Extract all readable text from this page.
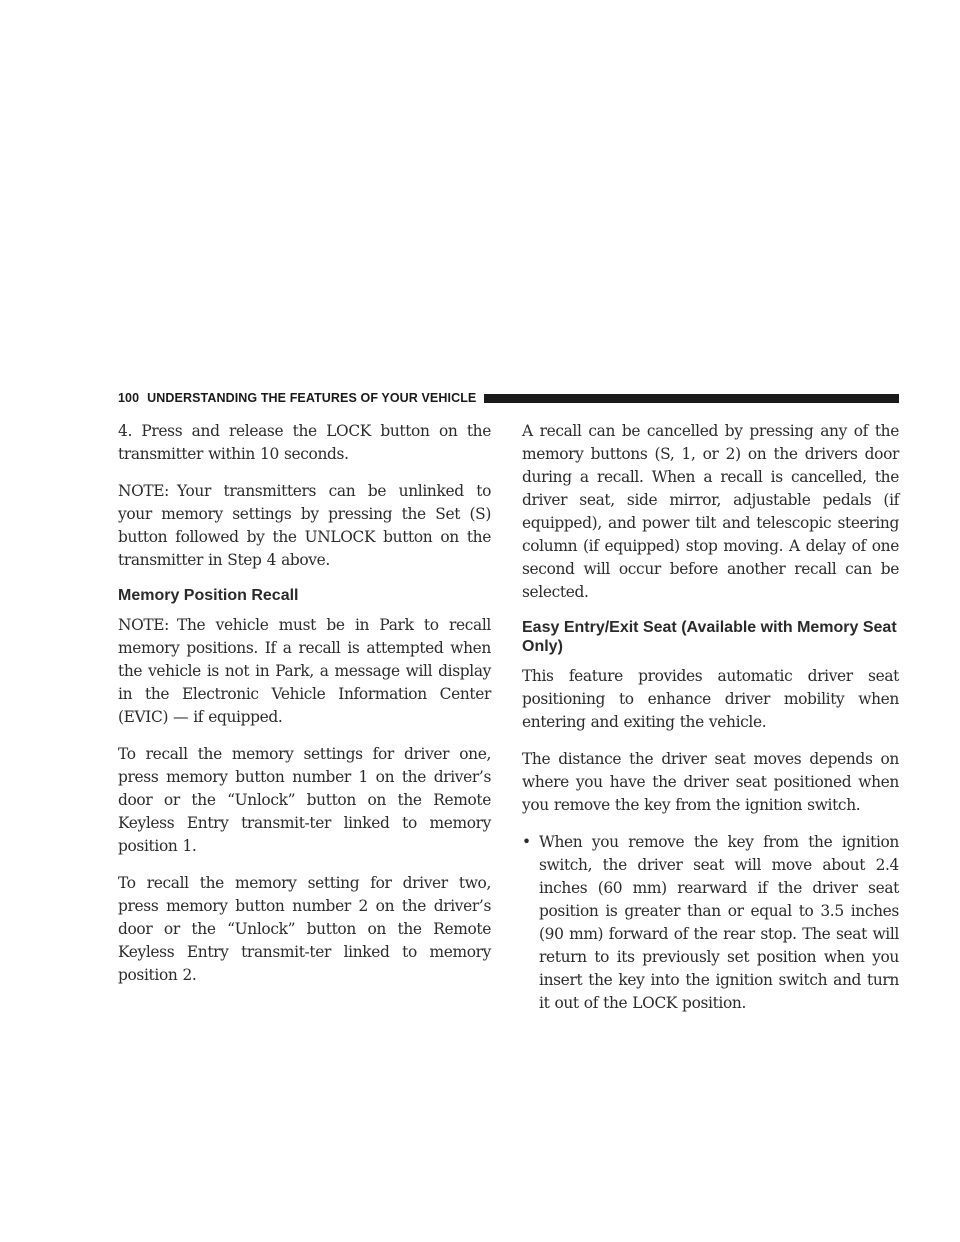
100 UNDERSTANDING THE FEATURES OF YOUR VEHICLE

4. Press and release the LOCK button on the transmitter within 10 seconds.

NOTE: Your transmitters can be unlinked to your memory settings by pressing the Set (S) button followed by the UNLOCK button on the transmitter in Step 4 above.

Memory Position Recall

NOTE: The vehicle must be in Park to recall memory positions. If a recall is attempted when the vehicle is not in Park, a message will display in the Electronic Vehicle Information Center (EVIC) — if equipped.

To recall the memory settings for driver one, press memory button number 1 on the driver’s door or the “Unlock” button on the Remote Keyless Entry transmit-ter linked to memory position 1.

To recall the memory setting for driver two, press memory button number 2 on the driver’s door or the “Unlock” button on the Remote Keyless Entry transmit-ter linked to memory position 2.

A recall can be cancelled by pressing any of the memory buttons (S, 1, or 2) on the drivers door during a recall. When a recall is cancelled, the driver seat, side mirror, adjustable pedals (if equipped), and power tilt and telescopic steering column (if equipped) stop moving. A delay of one second will occur before another recall can be selected.

Easy Entry/Exit Seat (Available with Memory Seat Only)

This feature provides automatic driver seat positioning to enhance driver mobility when entering and exiting the vehicle.

The distance the driver seat moves depends on where you have the driver seat positioned when you remove the key from the ignition switch.

• When you remove the key from the ignition switch, the driver seat will move about 2.4 inches (60 mm) rearward if the driver seat position is greater than or equal to 3.5 inches (90 mm) forward of the rear stop. The seat will return to its previously set position when you insert the key into the ignition switch and turn it out of the LOCK position.
